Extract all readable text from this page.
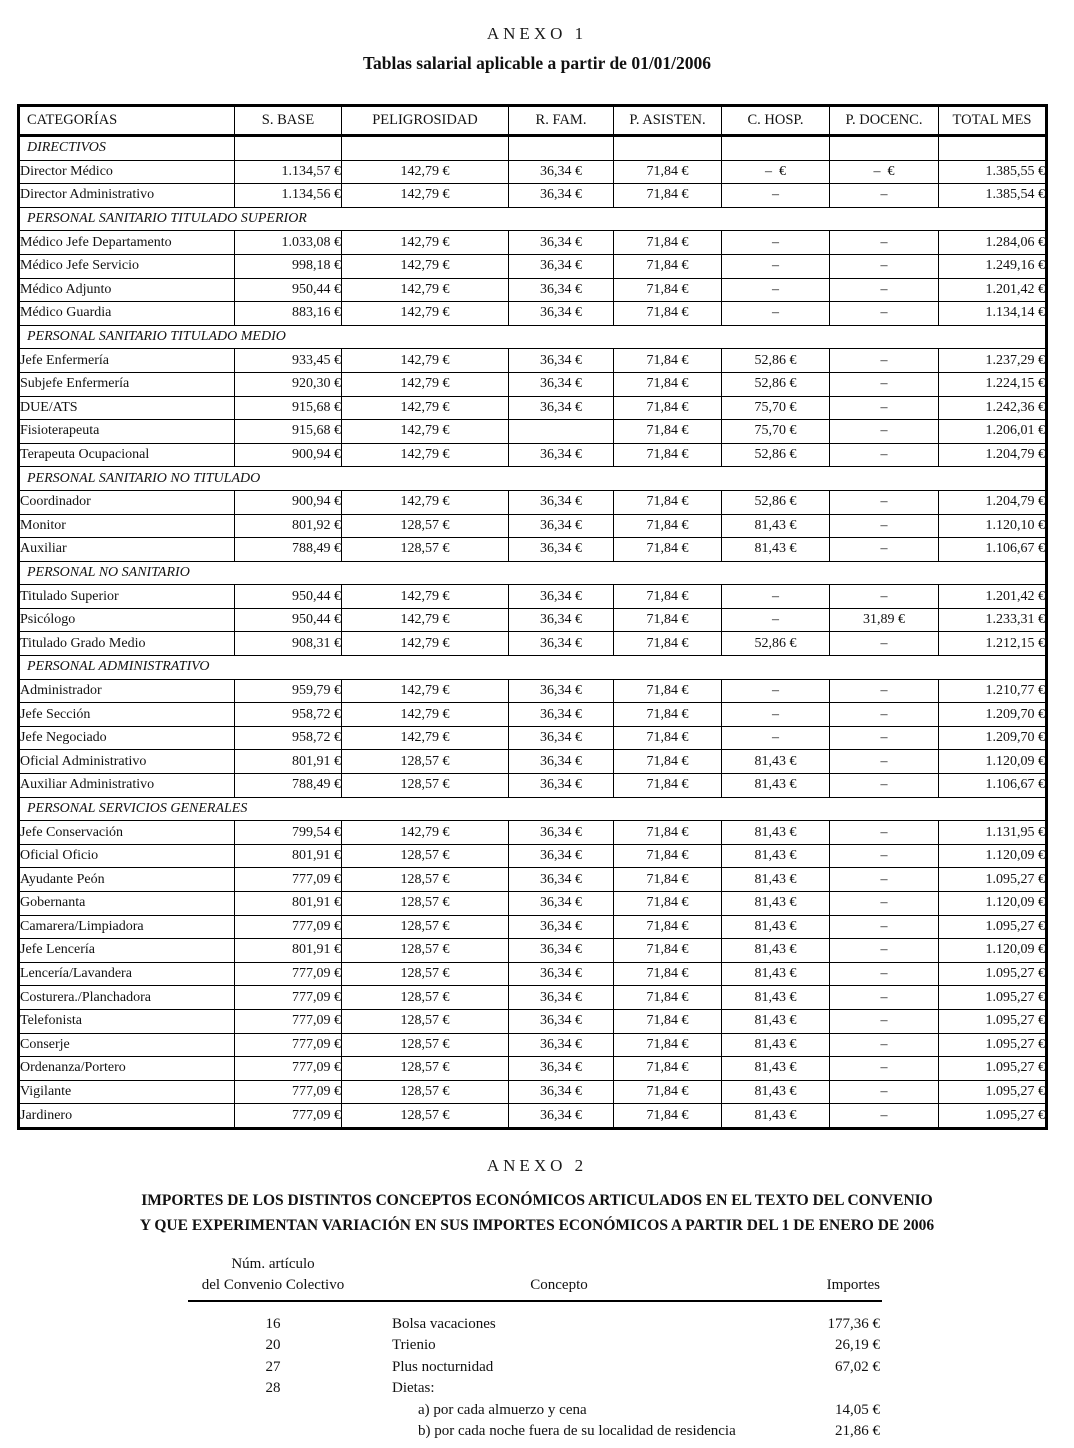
ANEXO 1
Tablas salarial aplicable a partir de 01/01/2006
CATEGORÍAS	S. BASE	PELIGROSIDAD	R. FAM.	P. ASISTEN.	C. HOSP.	P. DOCENC.	TOTAL MES
DIRECTIVOS							
Director Médico	1.134,57 €	142,79 €	36,34 €	71,84 €	–  €	–  €	1.385,55 €
Director Administrativo	1.134,56 €	142,79 €	36,34 €	71,84 €	–	–	1.385,54 €
PERSONAL SANITARIO TITULADO SUPERIOR							
Médico Jefe Departamento	1.033,08 €	142,79 €	36,34 €	71,84 €	–	–	1.284,06 €
Médico Jefe Servicio	998,18 €	142,79 €	36,34 €	71,84 €	–	–	1.249,16 €
Médico Adjunto	950,44 €	142,79 €	36,34 €	71,84 €	–	–	1.201,42 €
Médico Guardia	883,16 €	142,79 €	36,34 €	71,84 €	–	–	1.134,14 €
PERSONAL SANITARIO TITULADO MEDIO							
Jefe Enfermería	933,45 €	142,79 €	36,34 €	71,84 €	52,86 €	–	1.237,29 €
Subjefe Enfermería	920,30 €	142,79 €	36,34 €	71,84 €	52,86 €	–	1.224,15 €
DUE/ATS	915,68 €	142,79 €	36,34 €	71,84 €	75,70 €	–	1.242,36 €
Fisioterapeuta	915,68 €	142,79 €		71,84 €	75,70 €	–	1.206,01 €
Terapeuta Ocupacional	900,94 €	142,79 €	36,34 €	71,84 €	52,86 €	–	1.204,79 €
PERSONAL SANITARIO NO TITULADO							
Coordinador	900,94 €	142,79 €	36,34 €	71,84 €	52,86 €	–	1.204,79 €
Monitor	801,92 €	128,57 €	36,34 €	71,84 €	81,43 €	–	1.120,10 €
Auxiliar	788,49 €	128,57 €	36,34 €	71,84 €	81,43 €	–	1.106,67 €
PERSONAL NO SANITARIO							
Titulado Superior	950,44 €	142,79 €	36,34 €	71,84 €	–	–	1.201,42 €
Psicólogo	950,44 €	142,79 €	36,34 €	71,84 €	–	31,89 €	1.233,31 €
Titulado Grado Medio	908,31 €	142,79 €	36,34 €	71,84 €	52,86 €	–	1.212,15 €
PERSONAL ADMINISTRATIVO							
Administrador	959,79 €	142,79 €	36,34 €	71,84 €	–	–	1.210,77 €
Jefe Sección	958,72 €	142,79 €	36,34 €	71,84 €	–	–	1.209,70 €
Jefe Negociado	958,72 €	142,79 €	36,34 €	71,84 €	–	–	1.209,70 €
Oficial Administrativo	801,91 €	128,57 €	36,34 €	71,84 €	81,43 €	–	1.120,09 €
Auxiliar Administrativo	788,49 €	128,57 €	36,34 €	71,84 €	81,43 €	–	1.106,67 €
PERSONAL SERVICIOS GENERALES							
Jefe Conservación	799,54 €	142,79 €	36,34 €	71,84 €	81,43 €	–	1.131,95 €
Oficial Oficio	801,91 €	128,57 €	36,34 €	71,84 €	81,43 €	–	1.120,09 €
Ayudante Peón	777,09 €	128,57 €	36,34 €	71,84 €	81,43 €	–	1.095,27 €
Gobernanta	801,91 €	128,57 €	36,34 €	71,84 €	81,43 €	–	1.120,09 €
Camarera/Limpiadora	777,09 €	128,57 €	36,34 €	71,84 €	81,43 €	–	1.095,27 €
Jefe Lencería	801,91 €	128,57 €	36,34 €	71,84 €	81,43 €	–	1.120,09 €
Lencería/Lavandera	777,09 €	128,57 €	36,34 €	71,84 €	81,43 €	–	1.095,27 €
Costurera./Planchadora	777,09 €	128,57 €	36,34 €	71,84 €	81,43 €	–	1.095,27 €
Telefonista	777,09 €	128,57 €	36,34 €	71,84 €	81,43 €	–	1.095,27 €
Conserje	777,09 €	128,57 €	36,34 €	71,84 €	81,43 €	–	1.095,27 €
Ordenanza/Portero	777,09 €	128,57 €	36,34 €	71,84 €	81,43 €	–	1.095,27 €
Vigilante	777,09 €	128,57 €	36,34 €	71,84 €	81,43 €	–	1.095,27 €
Jardinero	777,09 €	128,57 €	36,34 €	71,84 €	81,43 €	–	1.095,27 €
ANEXO 2
IMPORTES DE LOS DISTINTOS CONCEPTOS ECONÓMICOS ARTICULADOS EN EL TEXTO DEL CONVENIO
Y QUE EXPERIMENTAN VARIACIÓN EN SUS IMPORTES ECONÓMICOS A PARTIR DEL 1 DE ENERO DE 2006
Núm. artículo
del Convenio Colectivo	Concepto	Importes
16	Bolsa vacaciones	177,36 €
20	Trienio	26,19 €
27	Plus nocturnidad	67,02 €
28	Dietas:
a) por cada almuerzo y cena	14,05 €
b) por cada noche fuera de su localidad de residencia	21,86 €
